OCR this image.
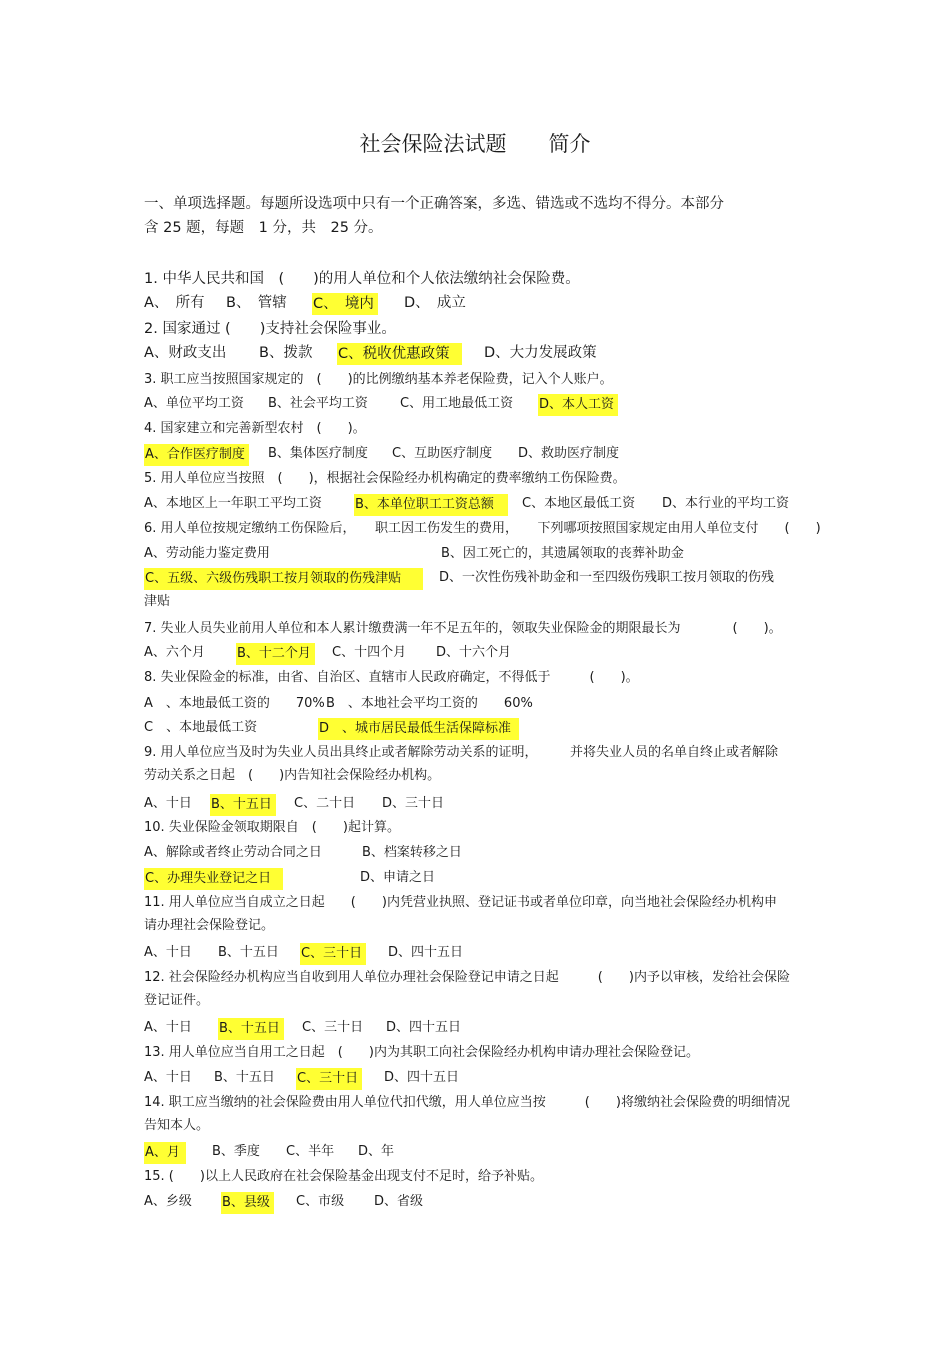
社会保险法试题 简介
一、单项选择题。每题所设选项中只有一个正确答案，多选、错选或不选均不得分。本部分
含 25 题，每题　1 分，共　25 分。
1. 中华人民共和国　(　　)的用人单位和个人依法缴纳社会保险费。
A、　所有 B、　管辖 C、　境内 D、　成立
2. 国家通过 (　　)支持社会保险事业。
A、财政支出 B、拨款 C、税收优惠政策	D、大力发展政策
3. 职工应当按照国家规定的　(　　)的比例缴纳基本养老保险费，记入个人账户。
A、单位平均工资 B、社会平均工资 C、用工地最低工资 D、本人工资
4. 国家建立和完善新型农村　(　　)。
A、合作医疗制度	B、集体医疗制度 C、互助医疗制度 D、救助医疗制度
5. 用人单位应当按照　(　　)，根据社会保险经办机构确定的费率缴纳工伤保险费。
A、本地区上一年职工平均工资	B、本单位职工工资总额	C、本地区最低工资 D、本行业的平均工资
6. 用人单位按规定缴纳工伤保险后，　　职工因工伤发生的费用，　　下列哪项按照国家规定由用人单位支付　　(　　)
A、劳动能力鉴定费用	B、因工死亡的，其遗属领取的丧葬补助金
C、五级、六级伤残职工按月领取的伤残津贴	D、一次性伤残补助金和一至四级伤残职工按月领取的伤残
津贴
7. 失业人员失业前用人单位和本人累计缴费满一年不足五年的，领取失业保险金的期限最长为　　　　(　　)。
A、六个月 B、十二个月	C、十四个月 D、十六个月
8. 失业保险金的标准，由省、自治区、直辖市人民政府确定，不得低于　　　(　　)。
A　、本地最低工资的　　70% B　、本地社会平均工资的　　60%
C　、本地最低工资	D　、城市居民最低生活保障标准
9. 用人单位应当及时为失业人员出具终止或者解除劳动关系的证明，　　　并将失业人员的名单自终止或者解除
劳动关系之日起　(　　)内告知社会保险经办机构。
A、十日 B、十五日	C、二十日 D、三十日
10. 失业保险金领取期限自　(　　)起计算。
A、解除或者终止劳动合同之日	B、档案转移之日
C、办理失业登记之日	D、申请之日
11. 用人单位应当自成立之日起　　(　　)内凭营业执照、登记证书或者单位印章，向当地社会保险经办机构申
请办理社会保险登记。
A、十日 B、十五日 C、三十日	D、四十五日
12. 社会保险经办机构应当自收到用人单位办理社会保险登记申请之日起　　　(　　)内予以审核，发给社会保险
登记证件。
A、十日 B、十五日	C、三十日 D、四十五日
13. 用人单位应当自用工之日起　(　　)内为其职工向社会保险经办机构申请办理社会保险登记。
A、十日 B、十五日 C、三十日	D、四十五日
14. 职工应当缴纳的社会保险费由用人单位代扣代缴，用人单位应当按　　　(　　)将缴纳社会保险费的明细情况
告知本人。
A、月	B、季度 C、半年 D、年
15. (　　)以上人民政府在社会保险基金出现支付不足时，给予补贴。
A、乡级 B、县级	C、市级 D、省级
